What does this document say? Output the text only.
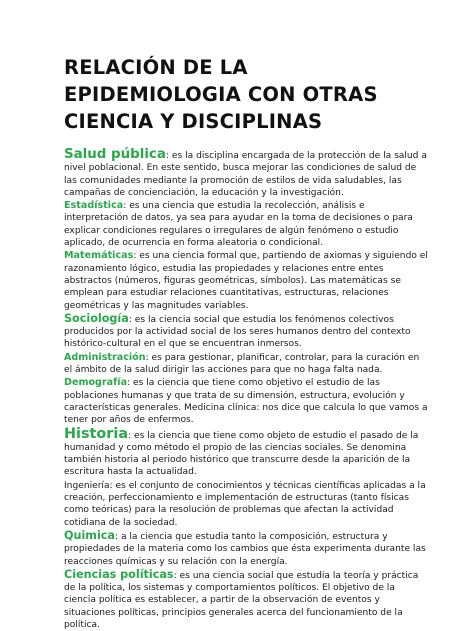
RELACIÓN DE LA
EPIDEMIOLOGIA CON OTRAS
CIENCIA Y DISCIPLINAS

Salud pública: es la disciplina encargada de la protección de la salud a nivel poblacional. En este sentido, busca mejorar las condiciones de salud de las comunidades mediante la promoción de estilos de vida saludables, las campañas de concienciación, la educación y la investigación.

Estadística: es una ciencia que estudia la recolección, análisis e interpretación de datos, ya sea para ayudar en la toma de decisiones o para explicar condiciones regulares o irregulares de algún fenómeno o estudio aplicado, de ocurrencia en forma aleatoria o condicional.

Matemáticas: es una ciencia formal que, partiendo de axiomas y siguiendo el razonamiento lógico, estudia las propiedades y relaciones entre entes abstractos (números, figuras geométricas, símbolos). Las matemáticas se emplean para estudiar relaciones cuantitativas, estructuras, relaciones geométricas y las magnitudes variables.

Sociología: es la ciencia social que estudia los fenómenos colectivos producidos por la actividad social de los seres humanos dentro del contexto histórico-cultural en el que se encuentran inmersos.

Administración: es para gestionar, planificar, controlar, para la curación en el ámbito de la salud dirigir las acciones para que no haga falta nada.

Demografía: es la ciencia que tiene como objetivo el estudio de las poblaciones humanas y que trata de su dimensión, estructura, evolución y características generales. Medicina clínica: nos dice que calcula lo que vamos a tener por años de enfermos.

Historia: es la ciencia que tiene como objeto de estudio el pasado de la humanidad y como método el propio de las ciencias sociales. Se denomina también historia al periodo histórico que transcurre desde la aparición de la escritura hasta la actualidad.

Ingeniería: es el conjunto de conocimientos y técnicas científicas aplicadas a la creación, perfeccionamiento e implementación de estructuras (tanto físicas como teóricas) para la resolución de problemas que afectan la actividad cotidiana de la sociedad.

Quimica: a la ciencia que estudia tanto la composición, estructura y propiedades de la materia como los cambios que ésta experimenta durante las reacciones químicas y su relación con la energía.

Ciencias políticas: es una ciencia social que estudia la teoría y práctica de la política, los sistemas y comportamientos políticos. El objetivo de la ciencia política es establecer, a partir de la observación de eventos y situaciones políticas, principios generales acerca del funcionamiento de la política.
